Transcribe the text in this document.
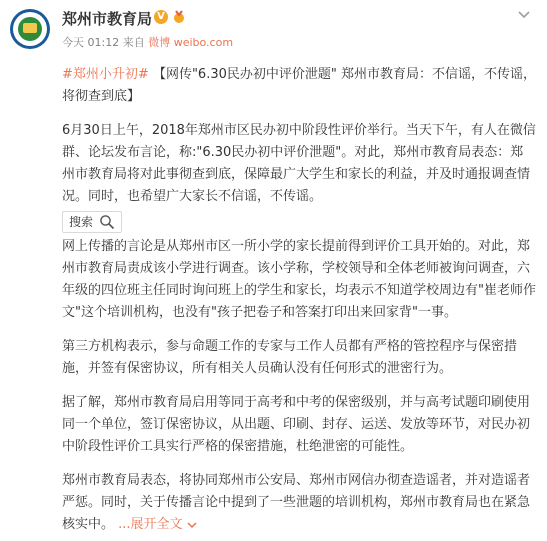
郑州市教育局 V
今天 01:12 来自 微博 weibo.com

#郑州小升初# 【网传"6.30民办初中评价泄题" 郑州市教育局：不信谣，不传谣，将彻查到底】

6月30日上午，2018年郑州市区民办初中阶段性评价举行。当天下午，有人在微信群、论坛发布言论，称:"6.30民办初中评价泄题"。对此，郑州市教育局表态：郑州市教育局将对此事彻查到底，保障最广大学生和家长的利益，并及时通报调查情况。同时，也希望广大家长不信谣，不传谣。

搜索

网上传播的言论是从郑州市区一所小学的家长提前得到评价工具开始的。对此，郑州市教育局责成该小学进行调查。该小学称，学校领导和全体老师被询问调查，六年级的四位班主任同时询问班上的学生和家长，均表示不知道学校周边有"崔老师作文"这个培训机构，也没有"孩子把卷子和答案打印出来回家背"一事。

第三方机构表示，参与命题工作的专家与工作人员都有严格的管控程序与保密措施，并签有保密协议，所有相关人员确认没有任何形式的泄密行为。

据了解，郑州市教育局启用等同于高考和中考的保密级别，并与高考试题印刷使用同一个单位，签订保密协议，从出题、印刷、封存、运送、发放等环节，对民办初中阶段性评价工具实行严格的保密措施，杜绝泄密的可能性。

郑州市教育局表态，将协同郑州市公安局、郑州市网信办彻查造谣者，并对造谣者严惩。同时，关于传播言论中提到了一些泄题的培训机构，郑州市教育局也在紧急核实中。 ...展开全文
